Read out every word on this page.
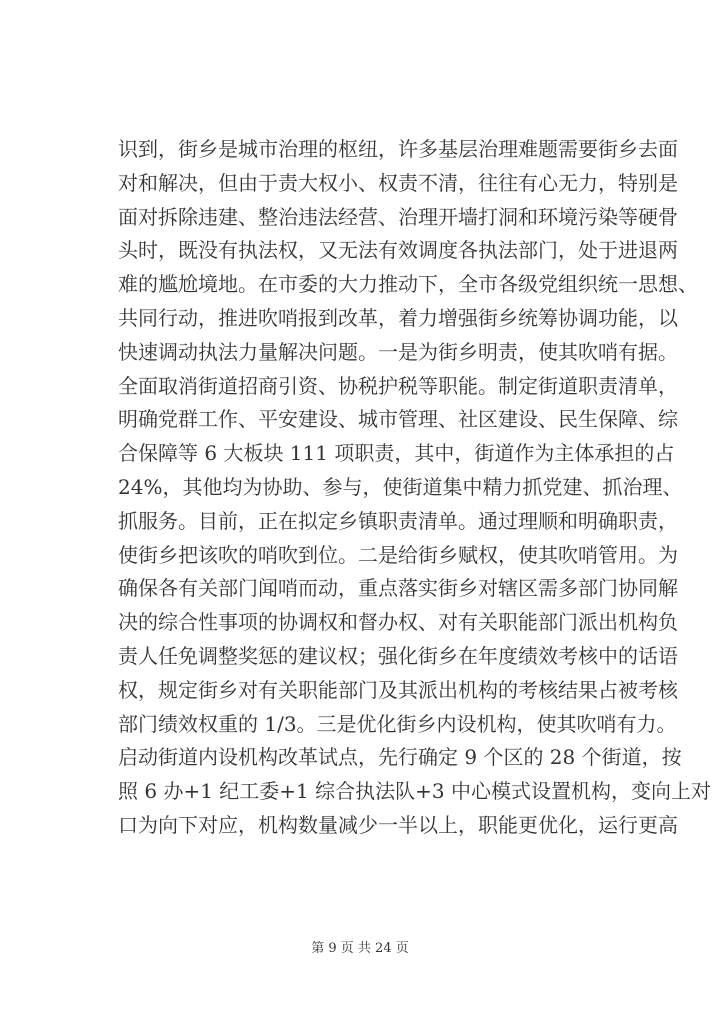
识到，街乡是城市治理的枢纽，许多基层治理难题需要街乡去面
对和解决，但由于责大权小、权责不清，往往有心无力，特别是
面对拆除违建、整治违法经营、治理开墙打洞和环境污染等硬骨
头时，既没有执法权，又无法有效调度各执法部门，处于进退两
难的尴尬境地。在市委的大力推动下，全市各级党组织统一思想、
共同行动，推进吹哨报到改革，着力增强街乡统筹协调功能，以
快速调动执法力量解决问题。一是为街乡明责，使其吹哨有据。
全面取消街道招商引资、协税护税等职能。制定街道职责清单，
明确党群工作、平安建设、城市管理、社区建设、民生保障、综
合保障等 6 大板块 111 项职责，其中，街道作为主体承担的占
24%，其他均为协助、参与，使街道集中精力抓党建、抓治理、
抓服务。目前，正在拟定乡镇职责清单。通过理顺和明确职责，
使街乡把该吹的哨吹到位。二是给街乡赋权，使其吹哨管用。为
确保各有关部门闻哨而动，重点落实街乡对辖区需多部门协同解
决的综合性事项的协调权和督办权、对有关职能部门派出机构负
责人任免调整奖惩的建议权；强化街乡在年度绩效考核中的话语
权，规定街乡对有关职能部门及其派出机构的考核结果占被考核
部门绩效权重的 1/3。三是优化街乡内设机构，使其吹哨有力。
启动街道内设机构改革试点，先行确定 9 个区的 28 个街道，按
照 6 办+1 纪工委+1 综合执法队+3 中心模式设置机构，变向上对
口为向下对应，机构数量减少一半以上，职能更优化，运行更高
第 9 页 共 24 页
